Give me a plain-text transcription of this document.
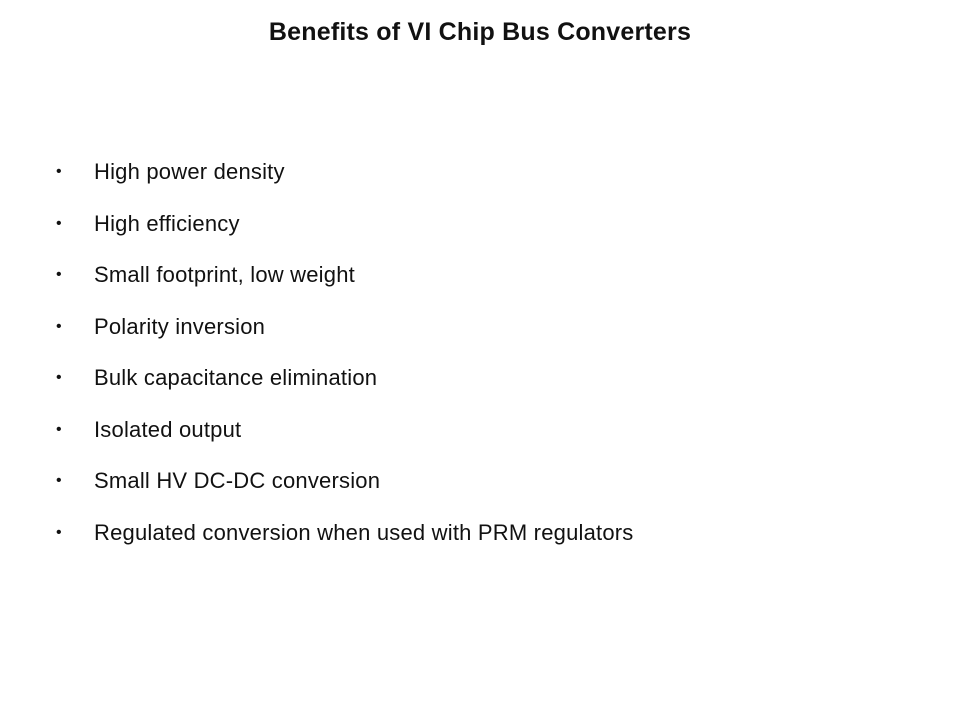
Benefits of VI Chip Bus Converters
•	High power density
•	High efficiency
•	Small footprint, low weight
•	Polarity inversion
•	Bulk capacitance elimination
•	Isolated output
•	Small HV DC-DC conversion
•	Regulated conversion when used with PRM regulators
